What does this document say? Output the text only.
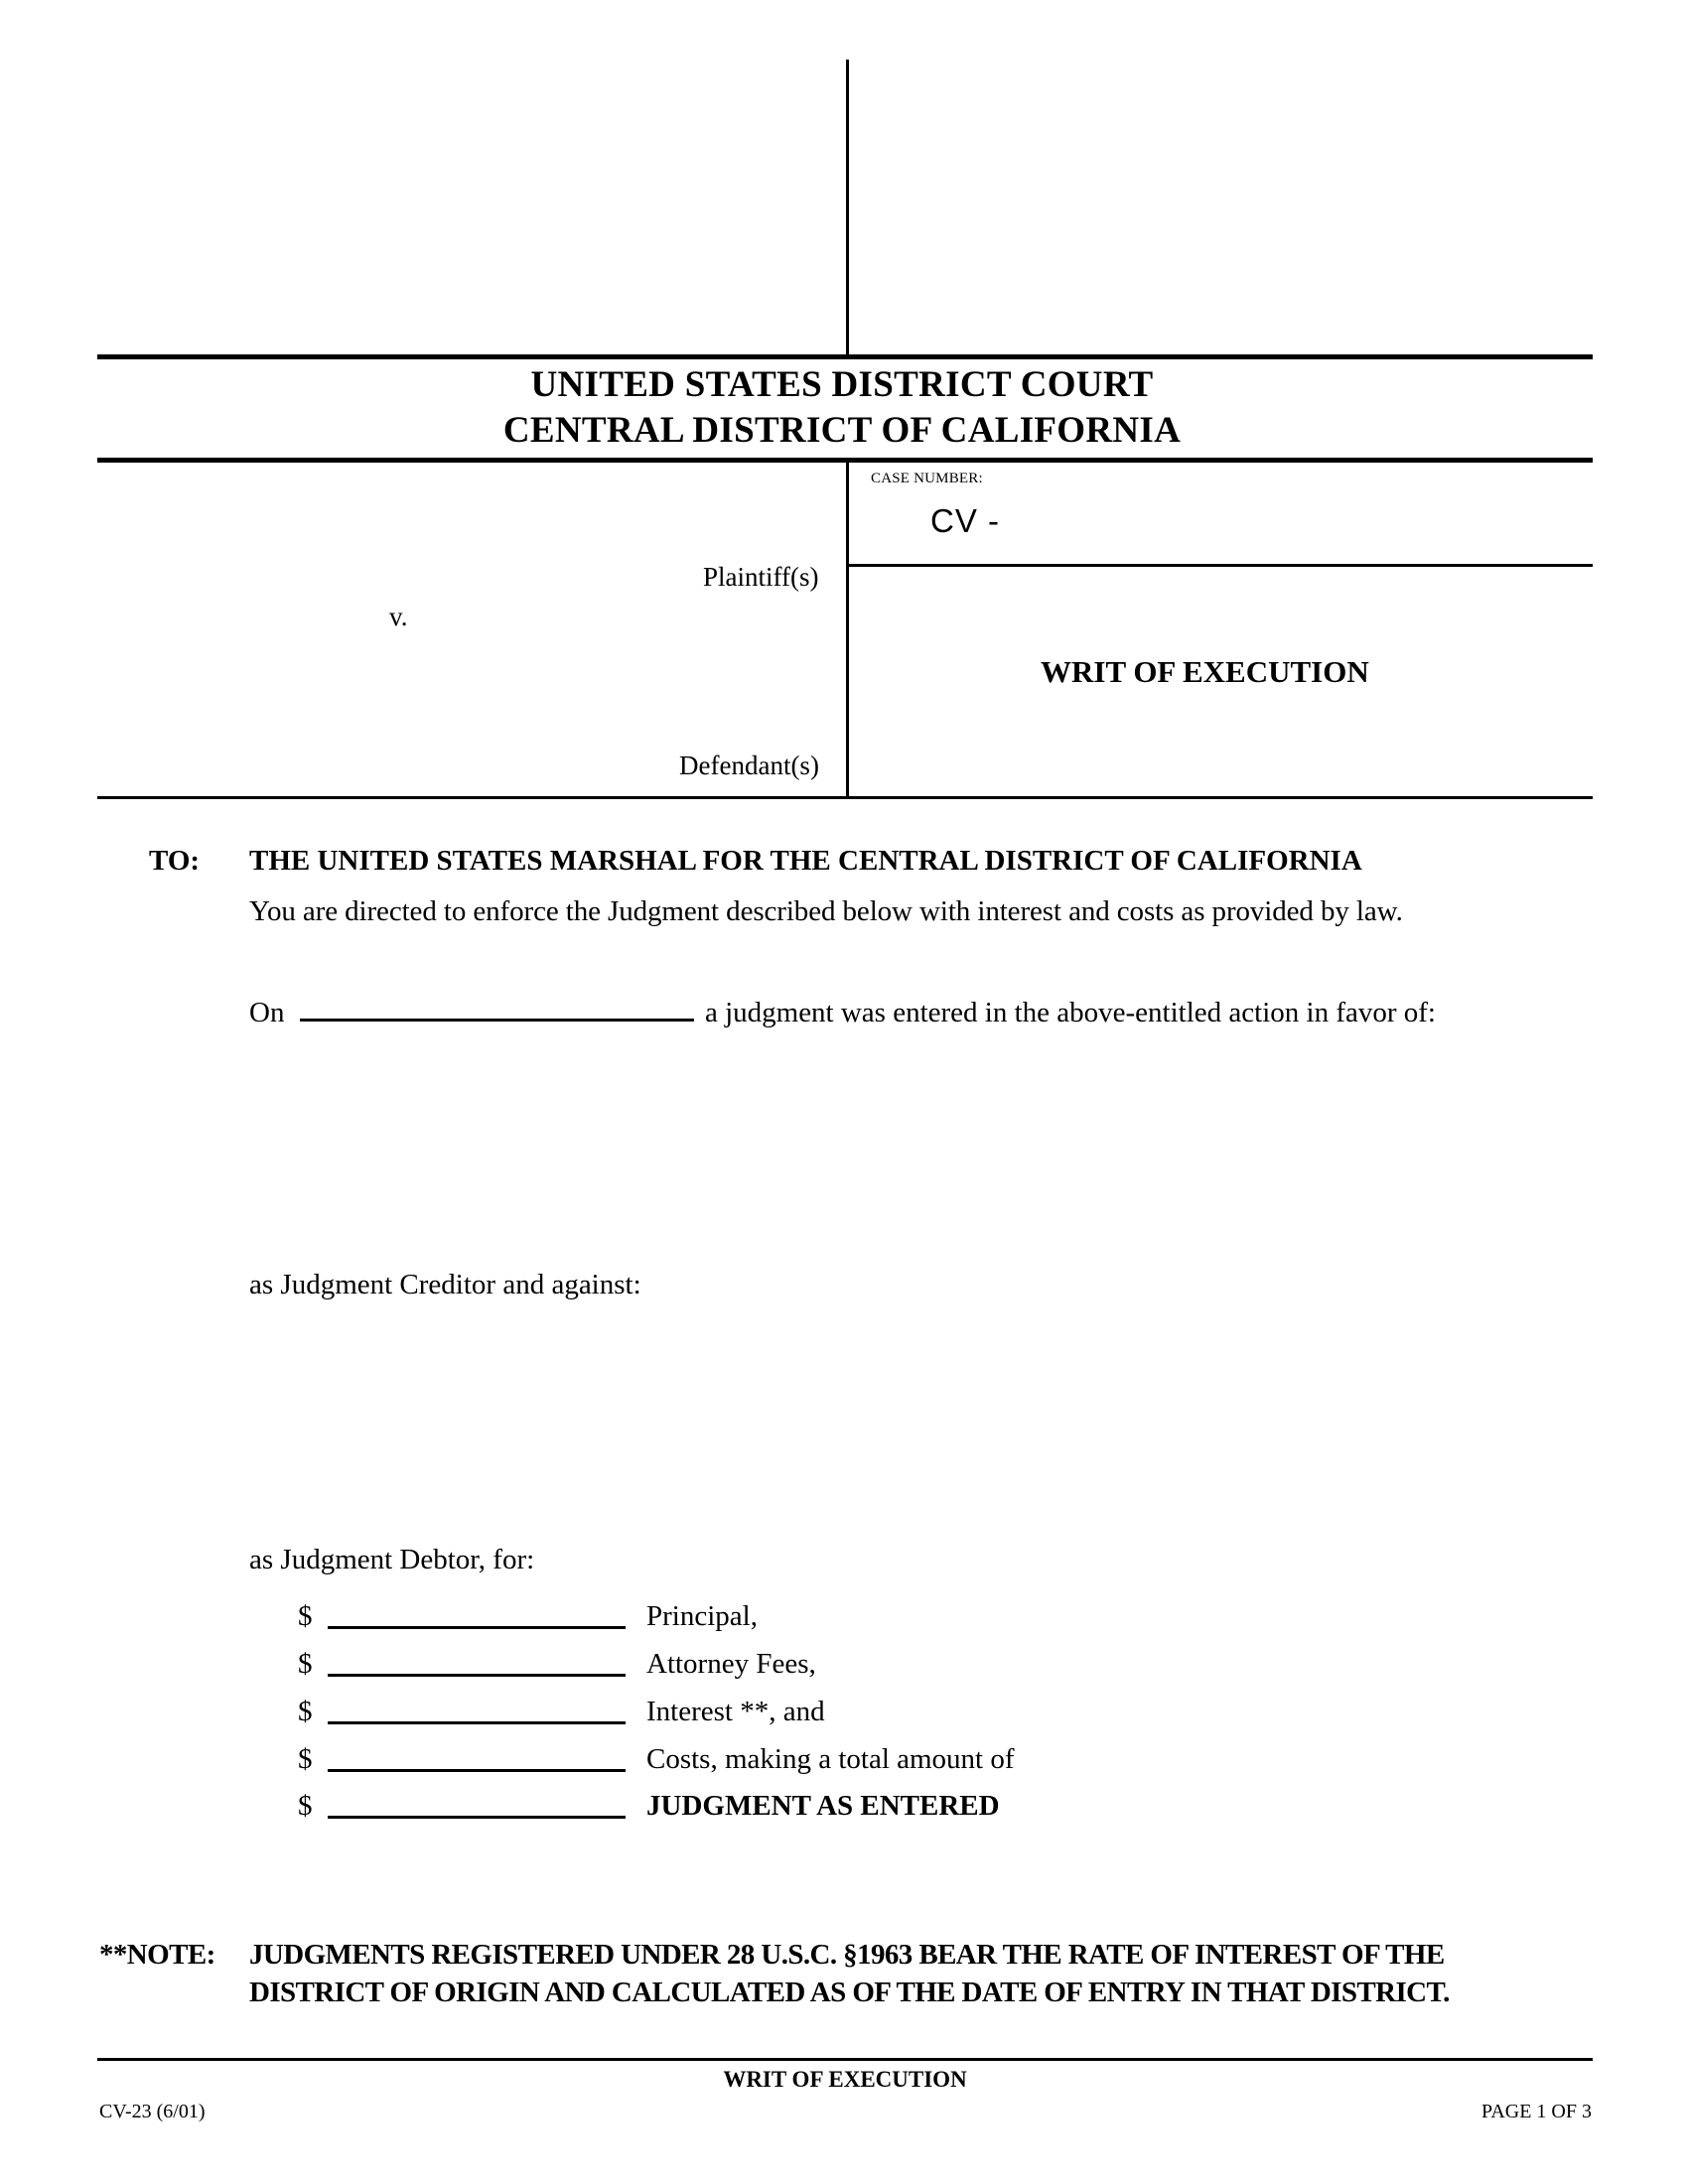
UNITED STATES DISTRICT COURT
CENTRAL DISTRICT OF CALIFORNIA
CASE NUMBER:
CV -
Plaintiff(s)
v.
Defendant(s)
WRIT OF EXECUTION
TO: THE UNITED STATES MARSHAL FOR THE CENTRAL DISTRICT OF CALIFORNIA
You are directed to enforce the Judgment described below with interest and costs as provided by law.
On	a judgment was entered in the above-entitled action in favor of:
as Judgment Creditor and against:
as Judgment Debtor, for:
$	Principal,
$	Attorney Fees,
$	Interest **, and
$	Costs, making a total amount of
$	JUDGMENT AS ENTERED
**NOTE: JUDGMENTS REGISTERED UNDER 28 U.S.C. §1963 BEAR THE RATE OF INTEREST OF THE
DISTRICT OF ORIGIN AND CALCULATED AS OF THE DATE OF ENTRY IN THAT DISTRICT.
WRIT OF EXECUTION
CV-23 (6/01)	PAGE 1 OF 3
